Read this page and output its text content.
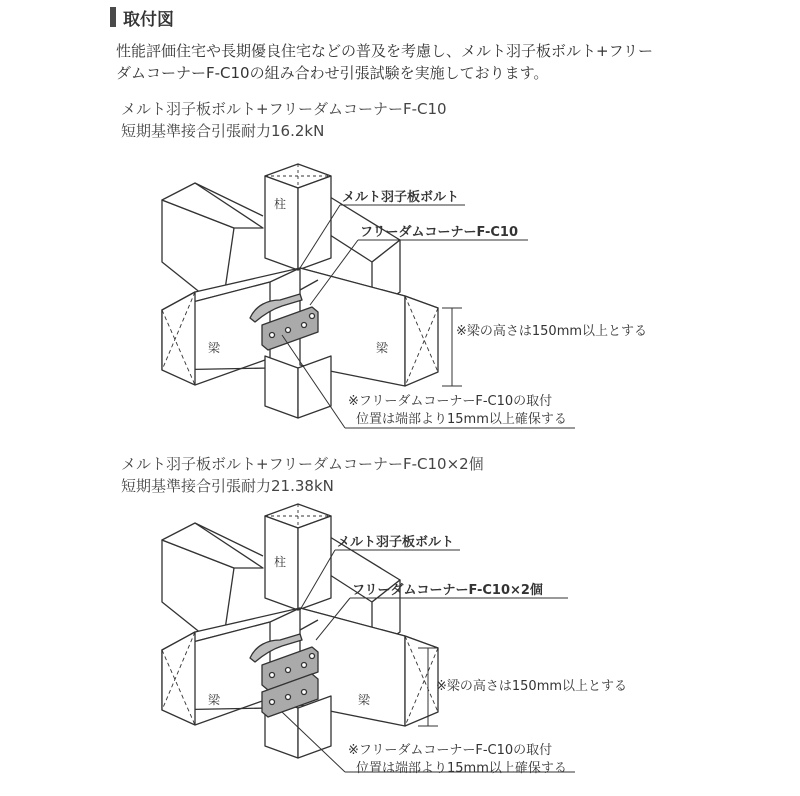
取付図
性能評価住宅や長期優良住宅などの普及を考慮し、メルト羽子板ボルト+フリー
ダムコーナーF-C10の組み合わせ引張試験を実施しております。
メルト羽子板ボルト+フリーダムコーナーF-C10
短期基準接合引張耐力16.2kN
メルト羽子板ボルト+フリーダムコーナーF-C10×2個
短期基準接合引張耐力21.38kN
柱
梁	梁
メルト羽子板ボルト
フリーダムコーナーF-C10
※梁の高さは150mm以上とする
※フリーダムコーナーF-C10の取付
位置は端部より15mm以上確保する
柱
梁	梁
メルト羽子板ボルト
フリーダムコーナーF-C10×2個
※梁の高さは150mm以上とする
※フリーダムコーナーF-C10の取付
位置は端部より15mm以上確保する
